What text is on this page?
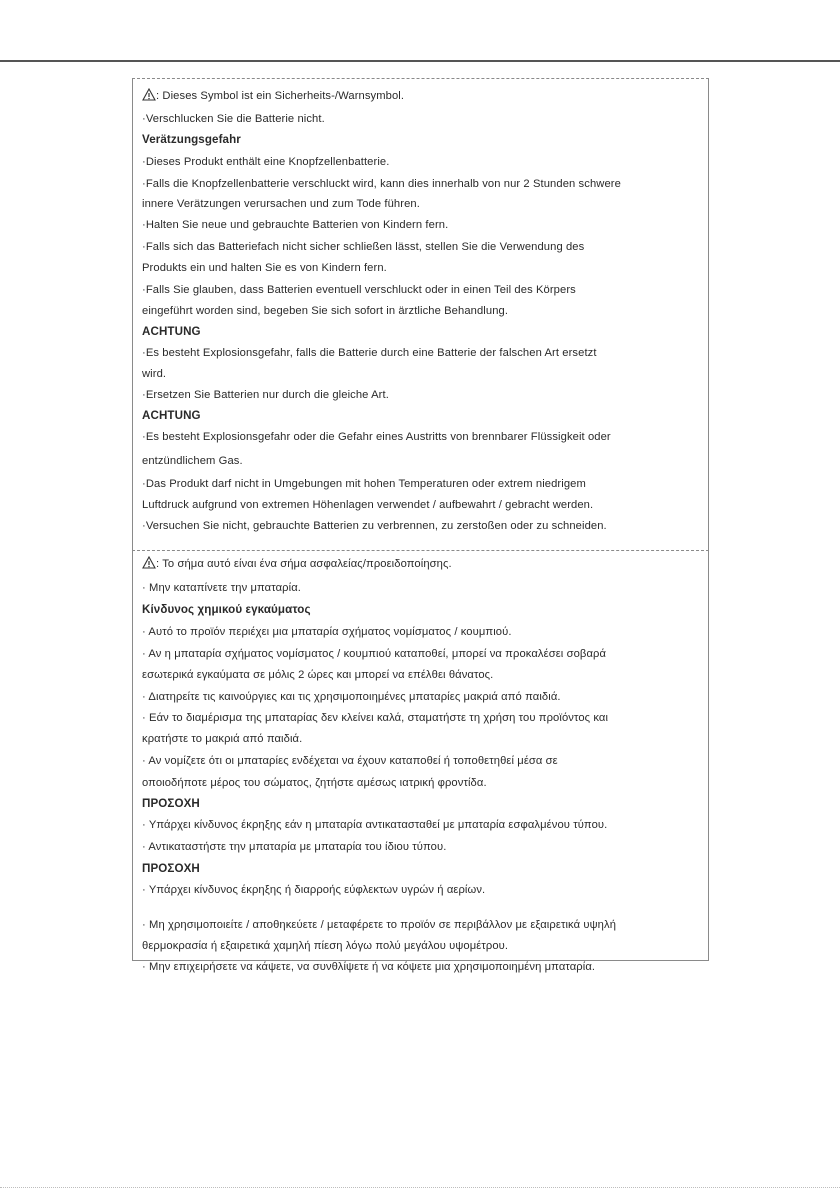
: Dieses Symbol ist ein Sicherheits-/Warnsymbol.

·Verschlucken Sie die Batterie nicht.

Verätzungsgefahr

·Dieses Produkt enthält eine Knopfzellenbatterie.

·Falls die Knopfzellenbatterie verschluckt wird, kann dies innerhalb von nur 2 Stunden schwere

innere Verätzungen verursachen und zum Tode führen.

·Halten Sie neue und gebrauchte Batterien von Kindern fern.

·Falls sich das Batteriefach nicht sicher schließen lässt, stellen Sie die Verwendung des

Produkts ein und halten Sie es von Kindern fern.

·Falls Sie glauben, dass Batterien eventuell verschluckt oder in einen Teil des Körpers

eingeführt worden sind, begeben Sie sich sofort in ärztliche Behandlung.

ACHTUNG

·Es besteht Explosionsgefahr, falls die Batterie durch eine Batterie der falschen Art ersetzt

wird.

·Ersetzen Sie Batterien nur durch die gleiche Art.

ACHTUNG

·Es besteht Explosionsgefahr oder die Gefahr eines Austritts von brennbarer Flüssigkeit oder

entzündlichem Gas.

·Das Produkt darf nicht in Umgebungen mit hohen Temperaturen oder extrem niedrigem

Luftdruck aufgrund von extremen Höhenlagen verwendet / aufbewahrt / gebracht werden.

·Versuchen Sie nicht, gebrauchte Batterien zu verbrennen, zu zerstoßen oder zu schneiden.

: Το σήμα αυτό είναι ένα σήμα ασφαλείας/προειδοποίησης.

· Μην καταπίνετε την μπαταρία.

Κίνδυνος χημικού εγκαύματος

· Αυτό το προϊόν περιέχει μια μπαταρία σχήματος νομίσματος / κουμπιού.

· Αν η μπαταρία σχήματος νομίσματος / κουμπιού καταποθεί, μπορεί να προκαλέσει σοβαρά

εσωτερικά εγκαύματα σε μόλις 2 ώρες και μπορεί να επέλθει θάνατος.

· Διατηρείτε τις καινούργιες και τις χρησιμοποιημένες μπαταρίες μακριά από παιδιά.

· Εάν το διαμέρισμα της μπαταρίας δεν κλείνει καλά, σταματήστε τη χρήση του προϊόντος και

κρατήστε το μακριά από παιδιά.

· Αν νομίζετε ότι οι μπαταρίες ενδέχεται να έχουν καταποθεί ή τοποθετηθεί μέσα σε

οποιοδήποτε μέρος του σώματος, ζητήστε αμέσως ιατρική φροντίδα.

ΠΡΟΣΟΧΗ

· Υπάρχει κίνδυνος έκρηξης εάν η μπαταρία αντικατασταθεί με μπαταρία εσφαλμένου τύπου.

· Αντικαταστήστε την μπαταρία με μπαταρία του ίδιου τύπου.

ΠΡΟΣΟΧΗ

· Υπάρχει κίνδυνος έκρηξης ή διαρροής εύφλεκτων υγρών ή αερίων.

· Μη χρησιμοποιείτε / αποθηκεύετε / μεταφέρετε το προϊόν σε περιβάλλον με εξαιρετικά υψηλή

θερμοκρασία ή εξαιρετικά χαμηλή πίεση λόγω πολύ μεγάλου υψομέτρου.

· Μην επιχειρήσετε να κάψετε, να συνθλίψετε ή να κόψετε μια χρησιμοποιημένη μπαταρία.
